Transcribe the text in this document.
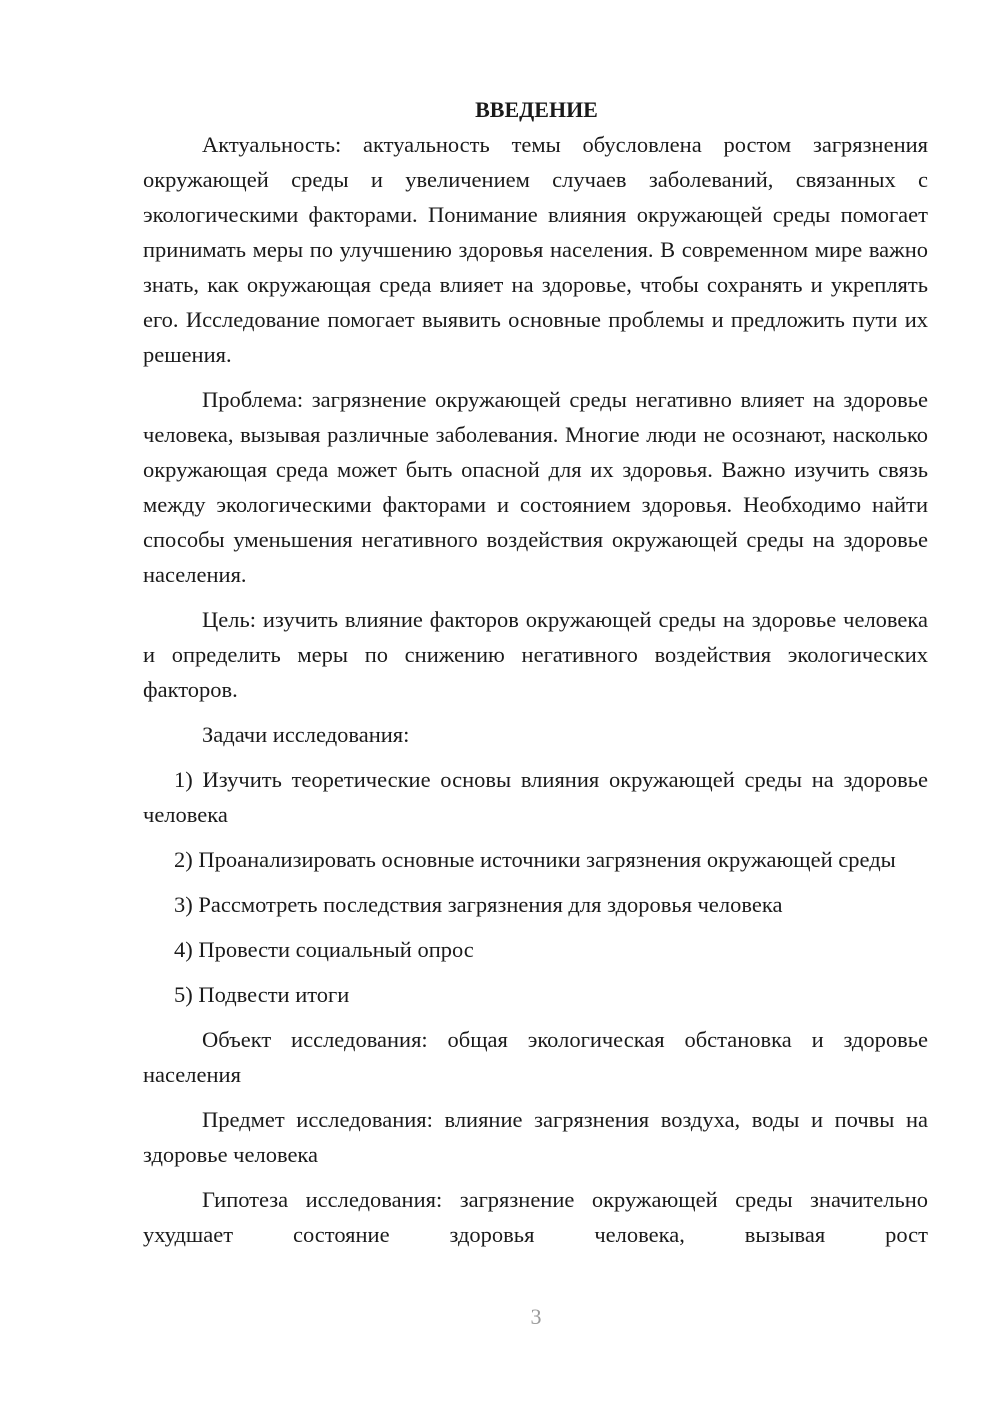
ВВЕДЕНИЕ

Актуальность: актуальность темы обусловлена ростом загрязнения окружающей среды и увеличением случаев заболеваний, связанных с экологическими факторами. Понимание влияния окружающей среды помогает принимать меры по улучшению здоровья населения. В современном мире важно знать, как окружающая среда влияет на здоровье, чтобы сохранять и укреплять его. Исследование помогает выявить основные проблемы и предложить пути их решения.

Проблема: загрязнение окружающей среды негативно влияет на здоровье человека, вызывая различные заболевания. Многие люди не осознают, насколько окружающая среда может быть опасной для их здоровья. Важно изучить связь между экологическими факторами и состоянием здоровья. Необходимо найти способы уменьшения негативного воздействия окружающей среды на здоровье населения.

Цель: изучить влияние факторов окружающей среды на здоровье человека и определить меры по снижению негативного воздействия экологических факторов.

Задачи исследования:

1) Изучить теоретические основы влияния окружающей среды на здоровье человека

2) Проанализировать основные источники загрязнения окружающей среды

3) Рассмотреть последствия загрязнения для здоровья человека

4) Провести социальный опрос

5) Подвести итоги

Объект исследования: общая экологическая обстановка и здоровье населения

Предмет исследования: влияние загрязнения воздуха, воды и почвы на здоровье человека

Гипотеза исследования: загрязнение окружающей среды значительно ухудшает состояние здоровья человека, вызывая рост

3
